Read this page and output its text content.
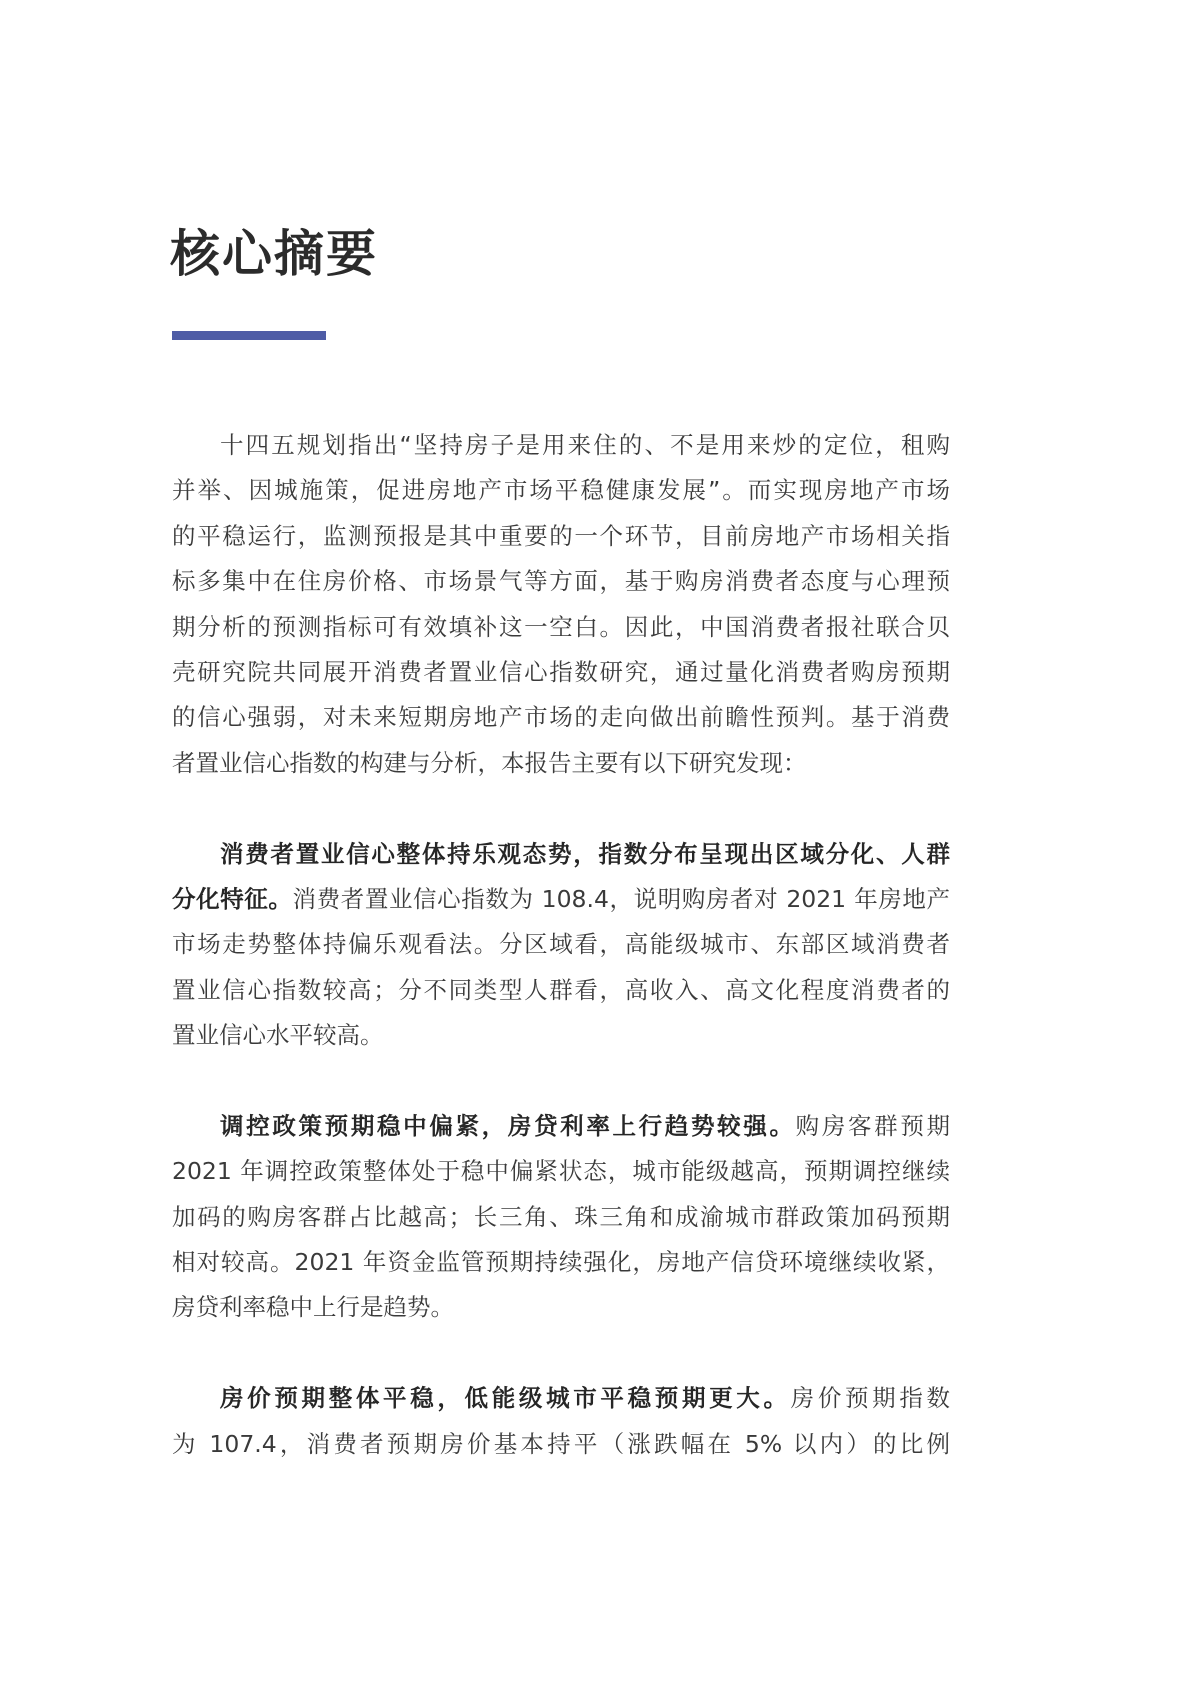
核心摘要
十四五规划指出“坚持房子是用来住的、不是用来炒的定位，租购
并举、因城施策，促进房地产市场平稳健康发展”。而实现房地产市场
的平稳运行，监测预报是其中重要的一个环节，目前房地产市场相关指
标多集中在住房价格、市场景气等方面，基于购房消费者态度与心理预
期分析的预测指标可有效填补这一空白。因此，中国消费者报社联合贝
壳研究院共同展开消费者置业信心指数研究，通过量化消费者购房预期
的信心强弱，对未来短期房地产市场的走向做出前瞻性预判。基于消费
者置业信心指数的构建与分析，本报告主要有以下研究发现：
消费者置业信心整体持乐观态势，指数分布呈现出区域分化、人群
分化特征。消费者置业信心指数为 108.4，说明购房者对 2021 年房地产
市场走势整体持偏乐观看法。分区域看，高能级城市、东部区域消费者
置业信心指数较高；分不同类型人群看，高收入、高文化程度消费者的
置业信心水平较高。
调控政策预期稳中偏紧，房贷利率上行趋势较强。购房客群预期
2021 年调控政策整体处于稳中偏紧状态，城市能级越高，预期调控继续
加码的购房客群占比越高；长三角、珠三角和成渝城市群政策加码预期
相对较高。2021 年资金监管预期持续强化，房地产信贷环境继续收紧，
房贷利率稳中上行是趋势。
房价预期整体平稳，低能级城市平稳预期更大。房价预期指数
为 107.4，消费者预期房价基本持平（涨跌幅在 5% 以内）的比例
